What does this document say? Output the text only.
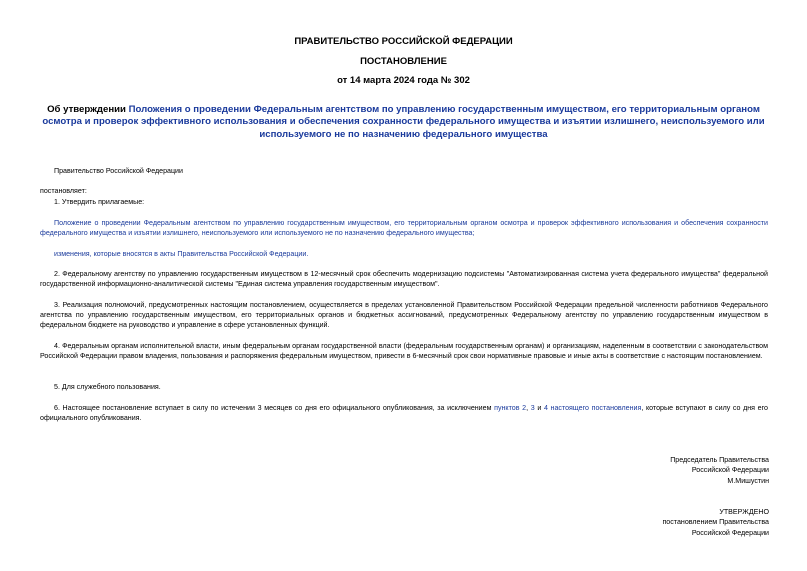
ПРАВИТЕЛЬСТВО РОССИЙСКОЙ ФЕДЕРАЦИИ
ПОСТАНОВЛЕНИЕ
от 14 марта 2024 года № 302
Об утверждении Положения о проведении Федеральным агентством по управлению государственным имуществом, его территориальным органом осмотра и проверок эффективного использования и обеспечения сохранности федерального имущества и изъятии излишнего, неиспользуемого или используемого не по назначению федерального имущества
Правительство Российской Федерации
постановляет:
1. Утвердить прилагаемые:
Положение о проведении Федеральным агентством по управлению государственным имуществом, его территориальным органом осмотра и проверок эффективного использования и обеспечения сохранности федерального имущества и изъятии излишнего, неиспользуемого или используемого не по назначению федерального имущества;
изменения, которые вносятся в акты Правительства Российской Федерации.
2. Федеральному агентству по управлению государственным имуществом в 12-месячный срок обеспечить модернизацию подсистемы "Автоматизированная система учета федерального имущества" федеральной государственной информационно-аналитической системы "Единая система управления государственным имуществом".
3. Реализация полномочий, предусмотренных настоящим постановлением, осуществляется в пределах установленной Правительством Российской Федерации предельной численности работников Федерального агентства по управлению государственным имуществом, его территориальных органов и бюджетных ассигнований, предусмотренных Федеральному агентству по управлению государственным имуществом в федеральном бюджете на руководство и управление в сфере установленных функций.
4. Федеральным органам исполнительной власти, иным федеральным органам государственной власти (федеральным государственным органам) и организациям, наделенным в соответствии с законодательством Российской Федерации правом владения, пользования и распоряжения федеральным имуществом, привести в 6-месячный срок свои нормативные правовые и иные акты в соответствие с настоящим постановлением.
5. Для служебного пользования.
6. Настоящее постановление вступает в силу по истечении 3 месяцев со дня его официального опубликования, за исключением пунктов 2, 3 и 4 настоящего постановления, которые вступают в силу со дня его официального опубликования.
Председатель Правительства
Российской Федерации
М.Мишустин
УТВЕРЖДЕНО
постановлением Правительства
Российской Федерации
